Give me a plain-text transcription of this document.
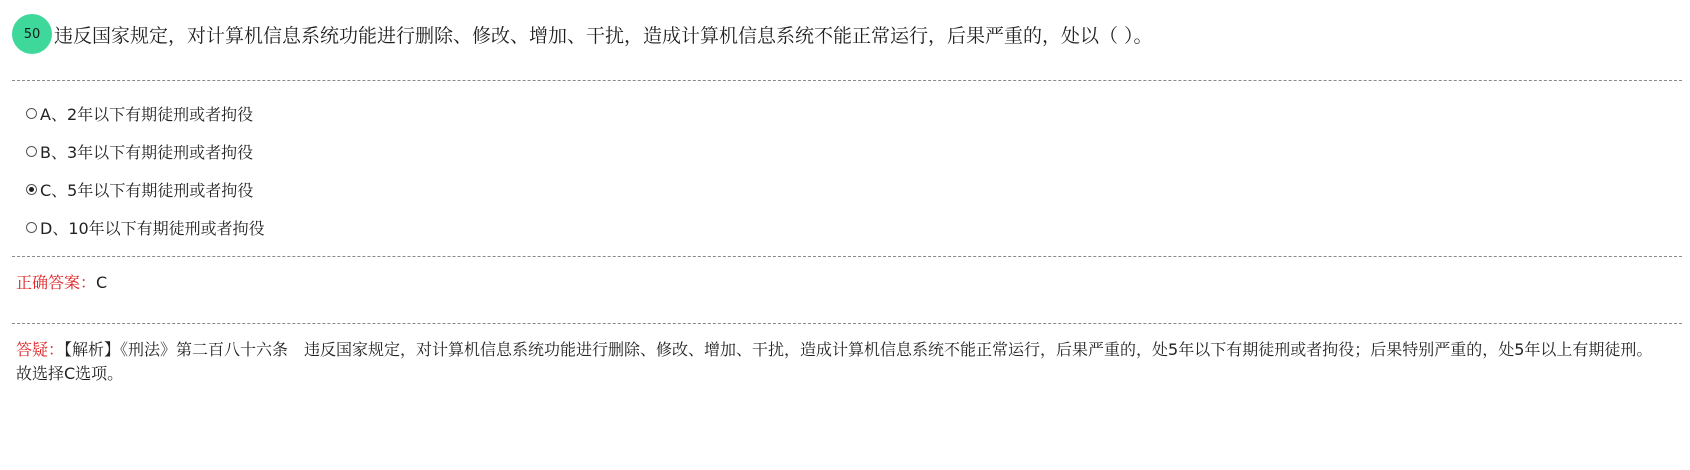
50 违反国家规定，对计算机信息系统功能进行删除、修改、增加、干扰，造成计算机信息系统不能正常运行，后果严重的，处以（ ）。
A、2年以下有期徒刑或者拘役
B、3年以下有期徒刑或者拘役
C、5年以下有期徒刑或者拘役
D、10年以下有期徒刑或者拘役
正确答案：C
答疑：【解析】《刑法》第二百八十六条　违反国家规定，对计算机信息系统功能进行删除、修改、增加、干扰，造成计算机信息系统不能正常运行，后果严重的，处5年以下有期徒刑或者拘役；后果特别严重的，处5年以上有期徒刑。故选择C选项。
